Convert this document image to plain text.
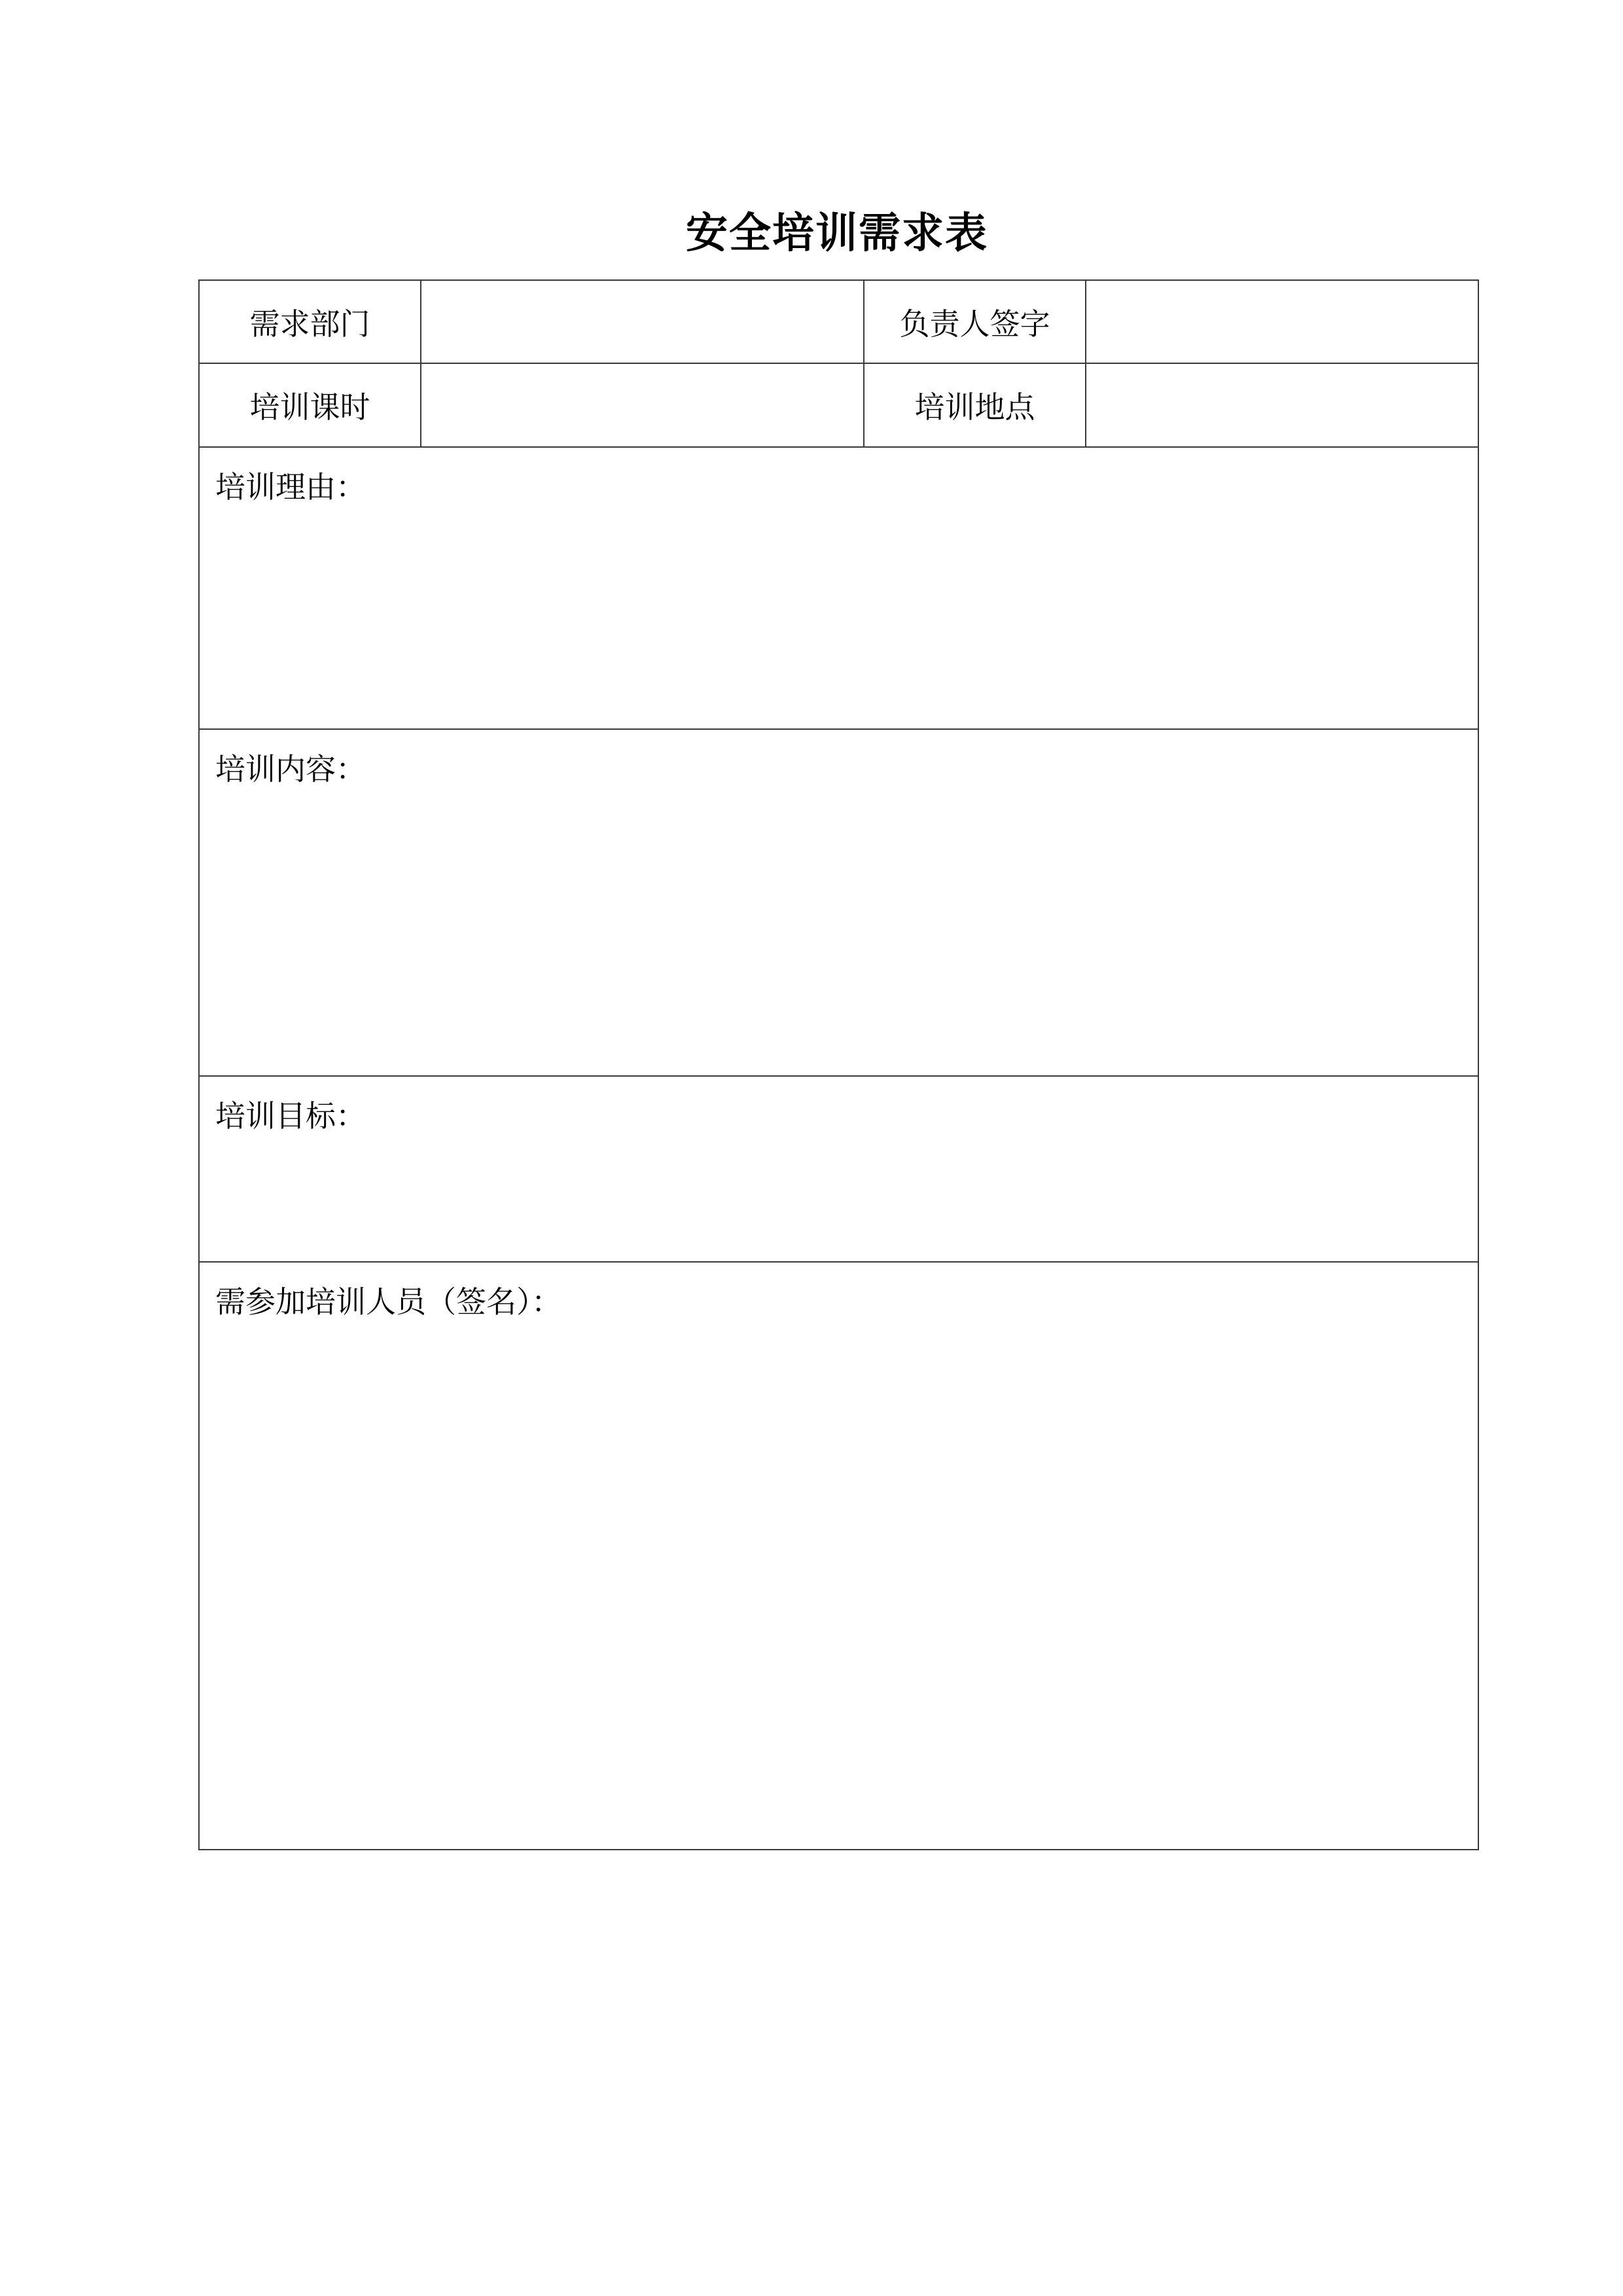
安全培训需求表
需求部门		负责人签字	
培训课时		培训地点	
培训理由：			

培训内容：			

培训目标：			

需参加培训人员（签名）：			
